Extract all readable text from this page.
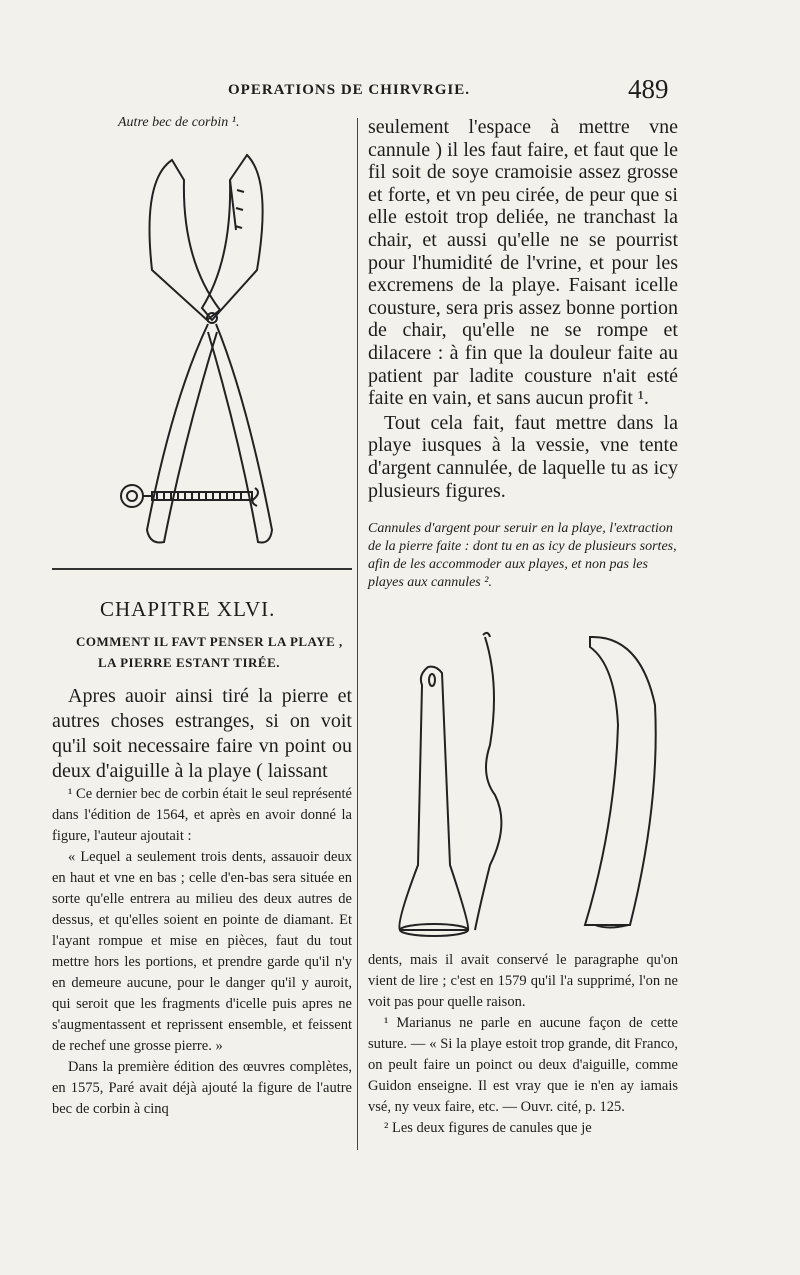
OPERATIONS DE CHIRVRGIE.	489
Autre bec de corbin ¹.
CHAPITRE XLVI.
COMMENT IL FAVT PENSER LA PLAYE ,
LA PIERRE ESTANT TIRÉE.

Apres auoir ainsi tiré la pierre et autres choses estranges, si on voit qu'il soit necessaire faire vn point ou deux d'aiguille à la playe ( laissant

¹ Ce dernier bec de corbin était le seul représenté dans l'édition de 1564, et après en avoir donné la figure, l'auteur ajoutait :

« Lequel a seulement trois dents, assauoir deux en haut et vne en bas ; celle d'en-bas sera située en sorte qu'elle entrera au milieu des deux autres de dessus, et qu'elles soient en pointe de diamant. Et l'ayant rompue et mise en pièces, faut du tout mettre hors les portions, et prendre garde qu'il n'y en demeure aucune, pour le danger qu'il y auroit, qui seroit que les fragments d'icelle puis apres ne s'augmentassent et reprissent ensemble, et feissent de rechef une grosse pierre. »

Dans la première édition des œuvres complètes, en 1575, Paré avait déjà ajouté la figure de l'autre bec de corbin à cinq

seulement l'espace à mettre vne cannule ) il les faut faire, et faut que le fil soit de soye cramoisie assez grosse et forte, et vn peu cirée, de peur que si elle estoit trop deliée, ne tranchast la chair, et aussi qu'elle ne se pourrist pour l'humidité de l'vrine, et pour les excremens de la playe. Faisant icelle cousture, sera pris assez bonne portion de chair, qu'elle ne se rompe et dilacere : à fin que la douleur faite au patient par ladite cousture n'ait esté faite en vain, et sans aucun profit ¹.

Tout cela fait, faut mettre dans la playe iusques à la vessie, vne tente d'argent cannulée, de laquelle tu as icy plusieurs figures.

Cannules d'argent pour seruir en la playe, l'extraction de la pierre faite : dont tu en as icy de plusieurs sortes, afin de les accommoder aux playes, et non pas les playes aux cannules ².

dents, mais il avait conservé le paragraphe qu'on vient de lire ; c'est en 1579 qu'il l'a supprimé, l'on ne voit pas pour quelle raison.

¹ Marianus ne parle en aucune façon de cette suture. — « Si la playe estoit trop grande, dit Franco, on peult faire un poinct ou deux d'aiguille, comme Guidon enseigne. Il est vray que ie n'en ay iamais vsé, ny veux faire, etc. — Ouvr. cité, p. 125.

² Les deux figures de canules que je
